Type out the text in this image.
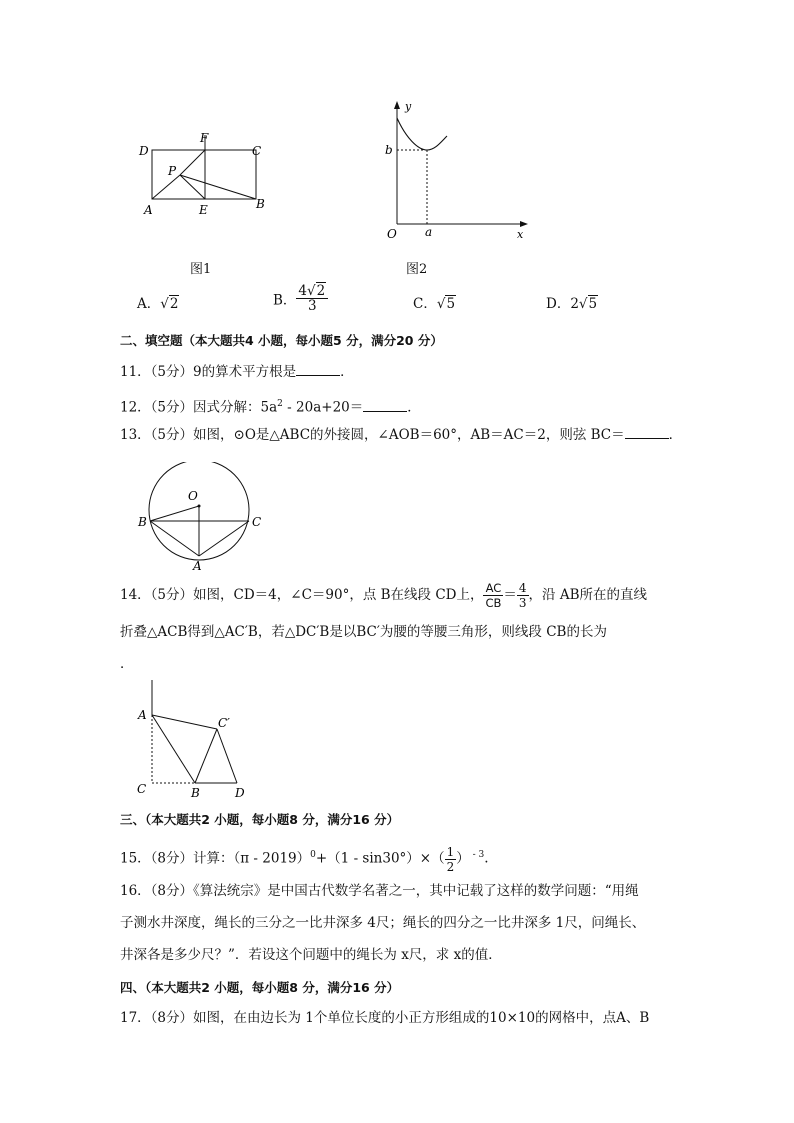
D
F
C
P
A	E	B
图1
y
b
O a	x
图2
A．√2	B． $\frac{4√2}{3}$	C．√5	D．2√5
二、填空题（本大题共4 小题，每小题5 分，满分20 分）
11．（5分）9的算术平方根是	．
12．（5分）因式分解：$5a^2 - 20a+20=$	．
13．（5分）如图，⊙O是△ABC的外接圆，∠AOB＝60°，AB＝AC＝2，则弦 BC＝	．
O
B	C
A
14．（5分）如图，CD＝4，∠C＝90°，点 B在线段 CD上， $\frac{AC}{CB} = \frac{4}{3}$ ，沿 AB所在的直线
折叠△ACB得到△AC′B，若△DC′B是以BC′为腰的等腰三角形，则线段 CB的长为
．
A
C′
C	B	D
三、（本大题共2 小题，每小题8 分，满分16 分）
15．（8分）计算：$(\pi - 2019)^0+(1 - \sin 30^\circ)\times( \frac{1}{2}$ ） $^{- 3}$.
16．（8分）《算法统宗》是中国古代数学名著之一，其中记载了这样的数学问题：“用绳
子测水井深度，绳长的三分之一比井深多 4尺；绳长的四分之一比井深多 1尺，问绳长、
井深各是多少尺？”．若设这个问题中的绳长为 x尺，求 x的值．
四、（本大题共2 小题，每小题8 分，满分16 分）
17．（8分）如图，在由边长为 1个单位长度的小正方形组成的10×10的网格中，点A、B
